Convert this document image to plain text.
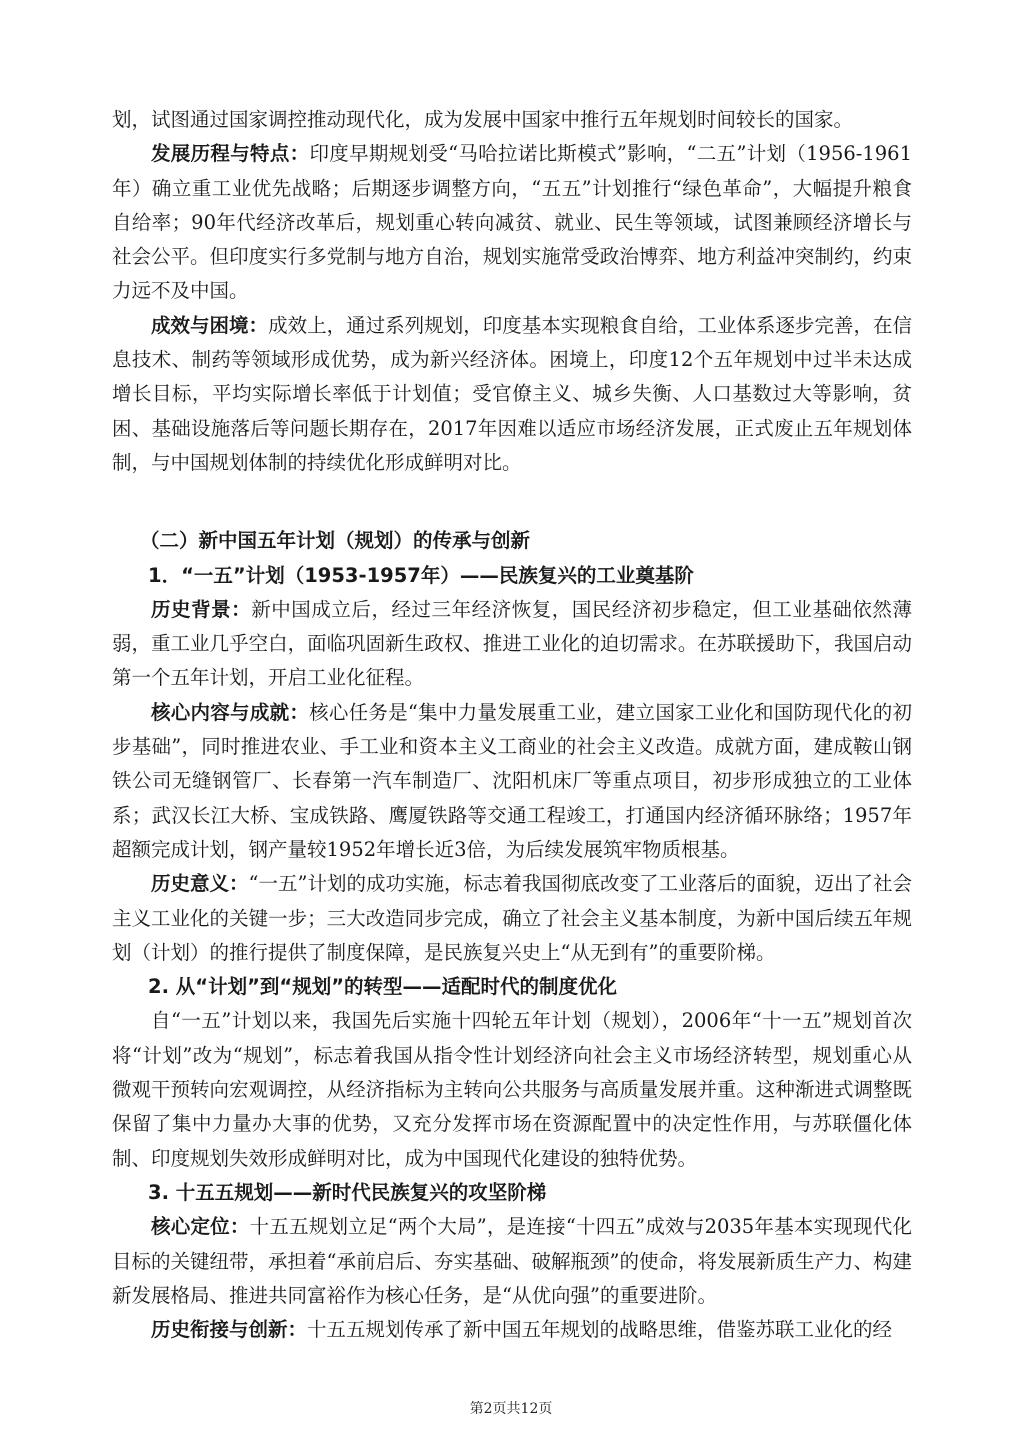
划，试图通过国家调控推动现代化，成为发展中国家中推行五年规划时间较长的国家。

发展历程与特点：印度早期规划受“马哈拉诺比斯模式”影响，“二五”计划（1956-1961年）确立重工业优先战略；后期逐步调整方向，“五五”计划推行“绿色革命”，大幅提升粮食自给率；90年代经济改革后，规划重心转向减贫、就业、民生等领域，试图兼顾经济增长与社会公平。但印度实行多党制与地方自治，规划实施常受政治博弈、地方利益冲突制约，约束力远不及中国。

成效与困境：成效上，通过系列规划，印度基本实现粮食自给，工业体系逐步完善，在信息技术、制药等领域形成优势，成为新兴经济体。困境上，印度12个五年规划中过半未达成增长目标，平均实际增长率低于计划值；受官僚主义、城乡失衡、人口基数过大等影响，贫困、基础设施落后等问题长期存在，2017年因难以适应市场经济发展，正式废止五年规划体制，与中国规划体制的持续优化形成鲜明对比。

（二）新中国五年计划（规划）的传承与创新
1．“一五”计划（1953-1957年）——民族复兴的工业奠基阶

历史背景：新中国成立后，经过三年经济恢复，国民经济初步稳定，但工业基础依然薄弱，重工业几乎空白，面临巩固新生政权、推进工业化的迫切需求。在苏联援助下，我国启动第一个五年计划，开启工业化征程。

核心内容与成就：核心任务是“集中力量发展重工业，建立国家工业化和国防现代化的初步基础”，同时推进农业、手工业和资本主义工商业的社会主义改造。成就方面，建成鞍山钢铁公司无缝钢管厂、长春第一汽车制造厂、沈阳机床厂等重点项目，初步形成独立的工业体系；武汉长江大桥、宝成铁路、鹰厦铁路等交通工程竣工，打通国内经济循环脉络；1957年超额完成计划，钢产量较1952年增长近3倍，为后续发展筑牢物质根基。

历史意义：“一五”计划的成功实施，标志着我国彻底改变了工业落后的面貌，迈出了社会主义工业化的关键一步；三大改造同步完成，确立了社会主义基本制度，为新中国后续五年规划（计划）的推行提供了制度保障，是民族复兴史上“从无到有”的重要阶梯。

2. 从“计划”到“规划”的转型——适配时代的制度优化

自“一五”计划以来，我国先后实施十四轮五年计划（规划），2006年“十一五”规划首次将“计划”改为“规划”，标志着我国从指令性计划经济向社会主义市场经济转型，规划重心从微观干预转向宏观调控，从经济指标为主转向公共服务与高质量发展并重。这种渐进式调整既保留了集中力量办大事的优势，又充分发挥市场在资源配置中的决定性作用，与苏联僵化体制、印度规划失效形成鲜明对比，成为中国现代化建设的独特优势。

3. 十五五规划——新时代民族复兴的攻坚阶梯

核心定位：十五五规划立足“两个大局”，是连接“十四五”成效与2035年基本实现现代化目标的关键纽带，承担着“承前启后、夯实基础、破解瓶颈”的使命，将发展新质生产力、构建新发展格局、推进共同富裕作为核心任务，是“从优向强”的重要进阶。

历史衔接与创新：十五五规划传承了新中国五年规划的战略思维，借鉴苏联工业化的经

第2页共12页
